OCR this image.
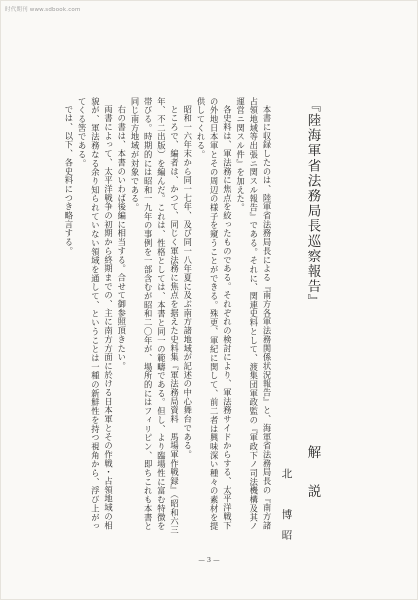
时代期刊 www.sdbook.com
『陸海軍省法務局長巡察報告』
解　説
北　博昭

本書に収録したのは、陸軍省法務局長による『南方各軍法務関係状況報告』と、海軍省法務局長の『南方諸占領地域等出張ニ関スル報告』である。それに、関連史料として、渡集団軍政監の『軍政下ノ司法機構及其ノ運営ニ関スル件』を加えた。

各史料は、軍法務に焦点を絞ったものである。それぞれの検討により、軍法務サイドからする、太平洋戦下の外地日本軍とその周辺の様子を窺うことができる。殊更、軍紀に関して、前二者は興味深い種々の素材を提供してくれる。

昭和一六年末から同一七年、及び同一八年夏に及ぶ南方諸地域が記述の中心舞台である。

ところで、編者は、かつて、同じく軍法務に焦点を据えた史料集『軍法務局資料　馬場軍作戦録』（昭和六三年、不二出版）を編んだ。これは、性格としては、本書と同一の範疇である。但し、より臨場性に富む特徴を帯びる。時期的には昭和一九年の事例を一部含むが昭和二〇年が、場所的にはフィリピン、即ちこれも本書と同じ南方地域が対象である。

右の書は、本書のいわば後編に相当する。合せて御参照頂きたい。

両書によって、太平洋戦争の初期から終期までの、主に南方方面に於ける日本軍とその作戦・占領地域の相貌が、軍法務なる余り知られていない領域を通して、ということは一種の新鮮性を持つ視角から、浮び上がってくる筈である。

では、以下、各史料につき略言する。

— 3 —
